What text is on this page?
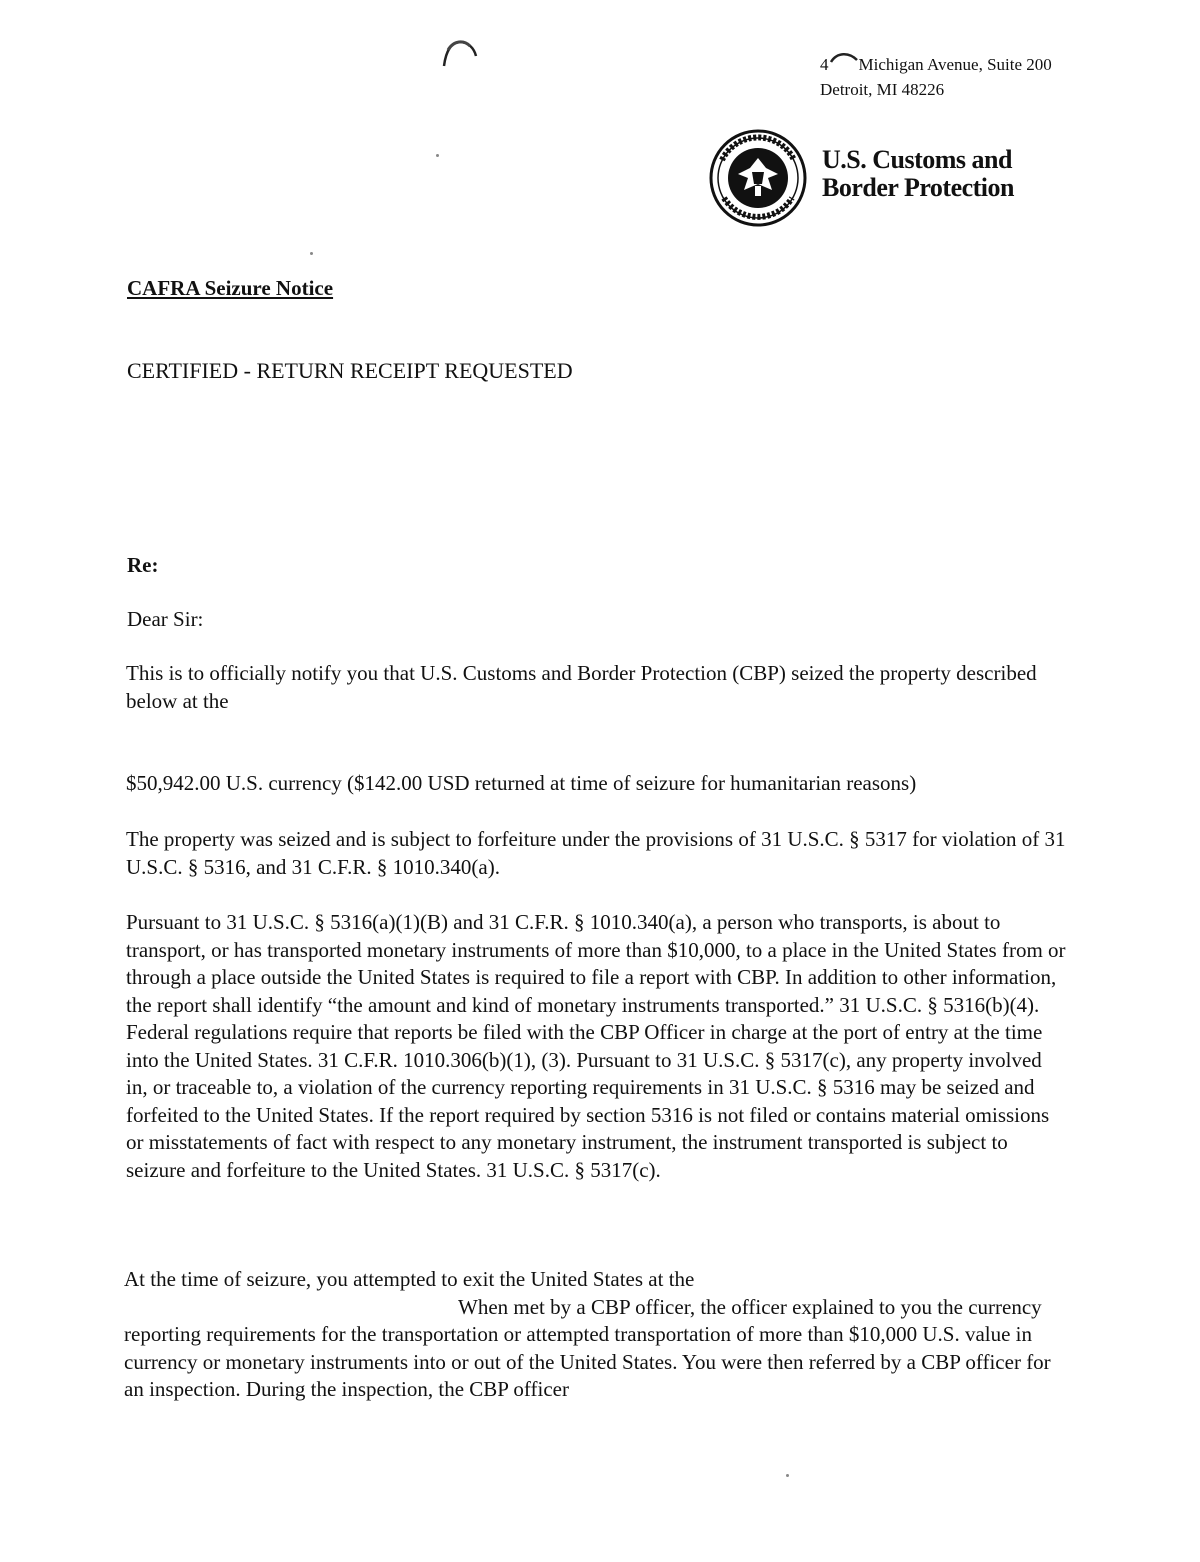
4 Michigan Avenue, Suite 200
Detroit, MI 48226
U.S. Customs and
Border Protection
CAFRA Seizure Notice
CERTIFIED - RETURN RECEIPT REQUESTED
Re:
Dear Sir:
This is to officially notify you that U.S. Customs and Border Protection (CBP) seized the property described below at the
$50,942.00 U.S. currency ($142.00 USD returned at time of seizure for humanitarian reasons)
The property was seized and is subject to forfeiture under the provisions of 31 U.S.C. § 5317 for violation of 31 U.S.C. § 5316, and 31 C.F.R. § 1010.340(a).
Pursuant to 31 U.S.C. § 5316(a)(1)(B) and 31 C.F.R. § 1010.340(a), a person who transports, is about to transport, or has transported monetary instruments of more than $10,000, to a place in the United States from or through a place outside the United States is required to file a report with CBP. In addition to other information, the report shall identify “the amount and kind of monetary instruments transported.” 31 U.S.C. § 5316(b)(4). Federal regulations require that reports be filed with the CBP Officer in charge at the port of entry at the time into the United States. 31 C.F.R. 1010.306(b)(1), (3). Pursuant to 31 U.S.C. § 5317(c), any property involved in, or traceable to, a violation of the currency reporting requirements in 31 U.S.C. § 5316 may be seized and forfeited to the United States. If the report required by section 5316 is not filed or contains material omissions or misstatements of fact with respect to any monetary instrument, the instrument transported is subject to seizure and forfeiture to the United States. 31 U.S.C. § 5317(c).
At the time of seizure, you attempted to exit the United States at the
When met by a CBP officer, the officer explained to you the currency reporting requirements for the transportation or attempted transportation of more than $10,000 U.S. value in currency or monetary instruments into or out of the United States. You were then referred by a CBP officer for an inspection. During the inspection, the CBP officer
